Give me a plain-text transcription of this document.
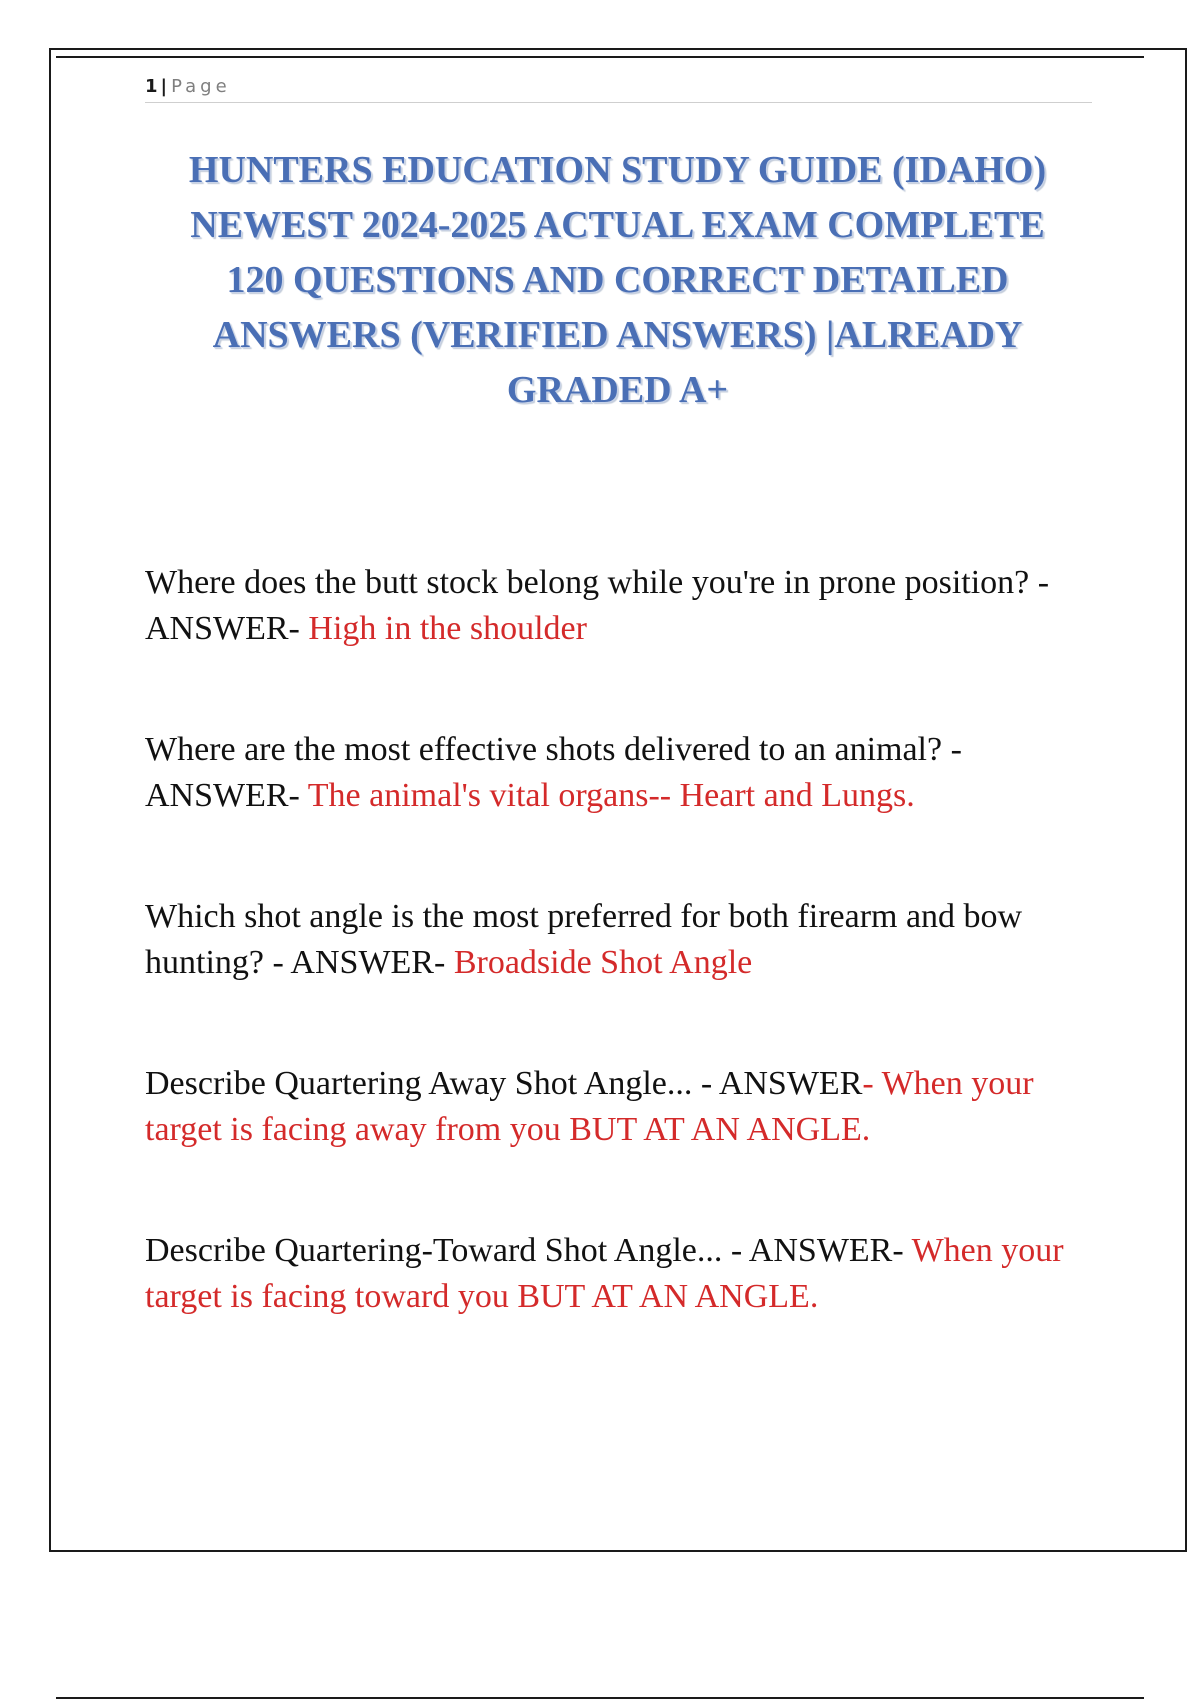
1 | Page
HUNTERS EDUCATION STUDY GUIDE (IDAHO)
NEWEST 2024-2025 ACTUAL EXAM COMPLETE
120 QUESTIONS AND CORRECT DETAILED
ANSWERS (VERIFIED ANSWERS) |ALREADY
GRADED A+

Where does the butt stock belong while you're in prone position? - ANSWER- High in the shoulder

Where are the most effective shots delivered to an animal? - ANSWER- The animal's vital organs-- Heart and Lungs.

Which shot angle is the most preferred for both firearm and bow hunting? - ANSWER- Broadside Shot Angle

Describe Quartering Away Shot Angle... - ANSWER- When your target is facing away from you BUT AT AN ANGLE.

Describe Quartering-Toward Shot Angle... - ANSWER- When your target is facing toward you BUT AT AN ANGLE.
